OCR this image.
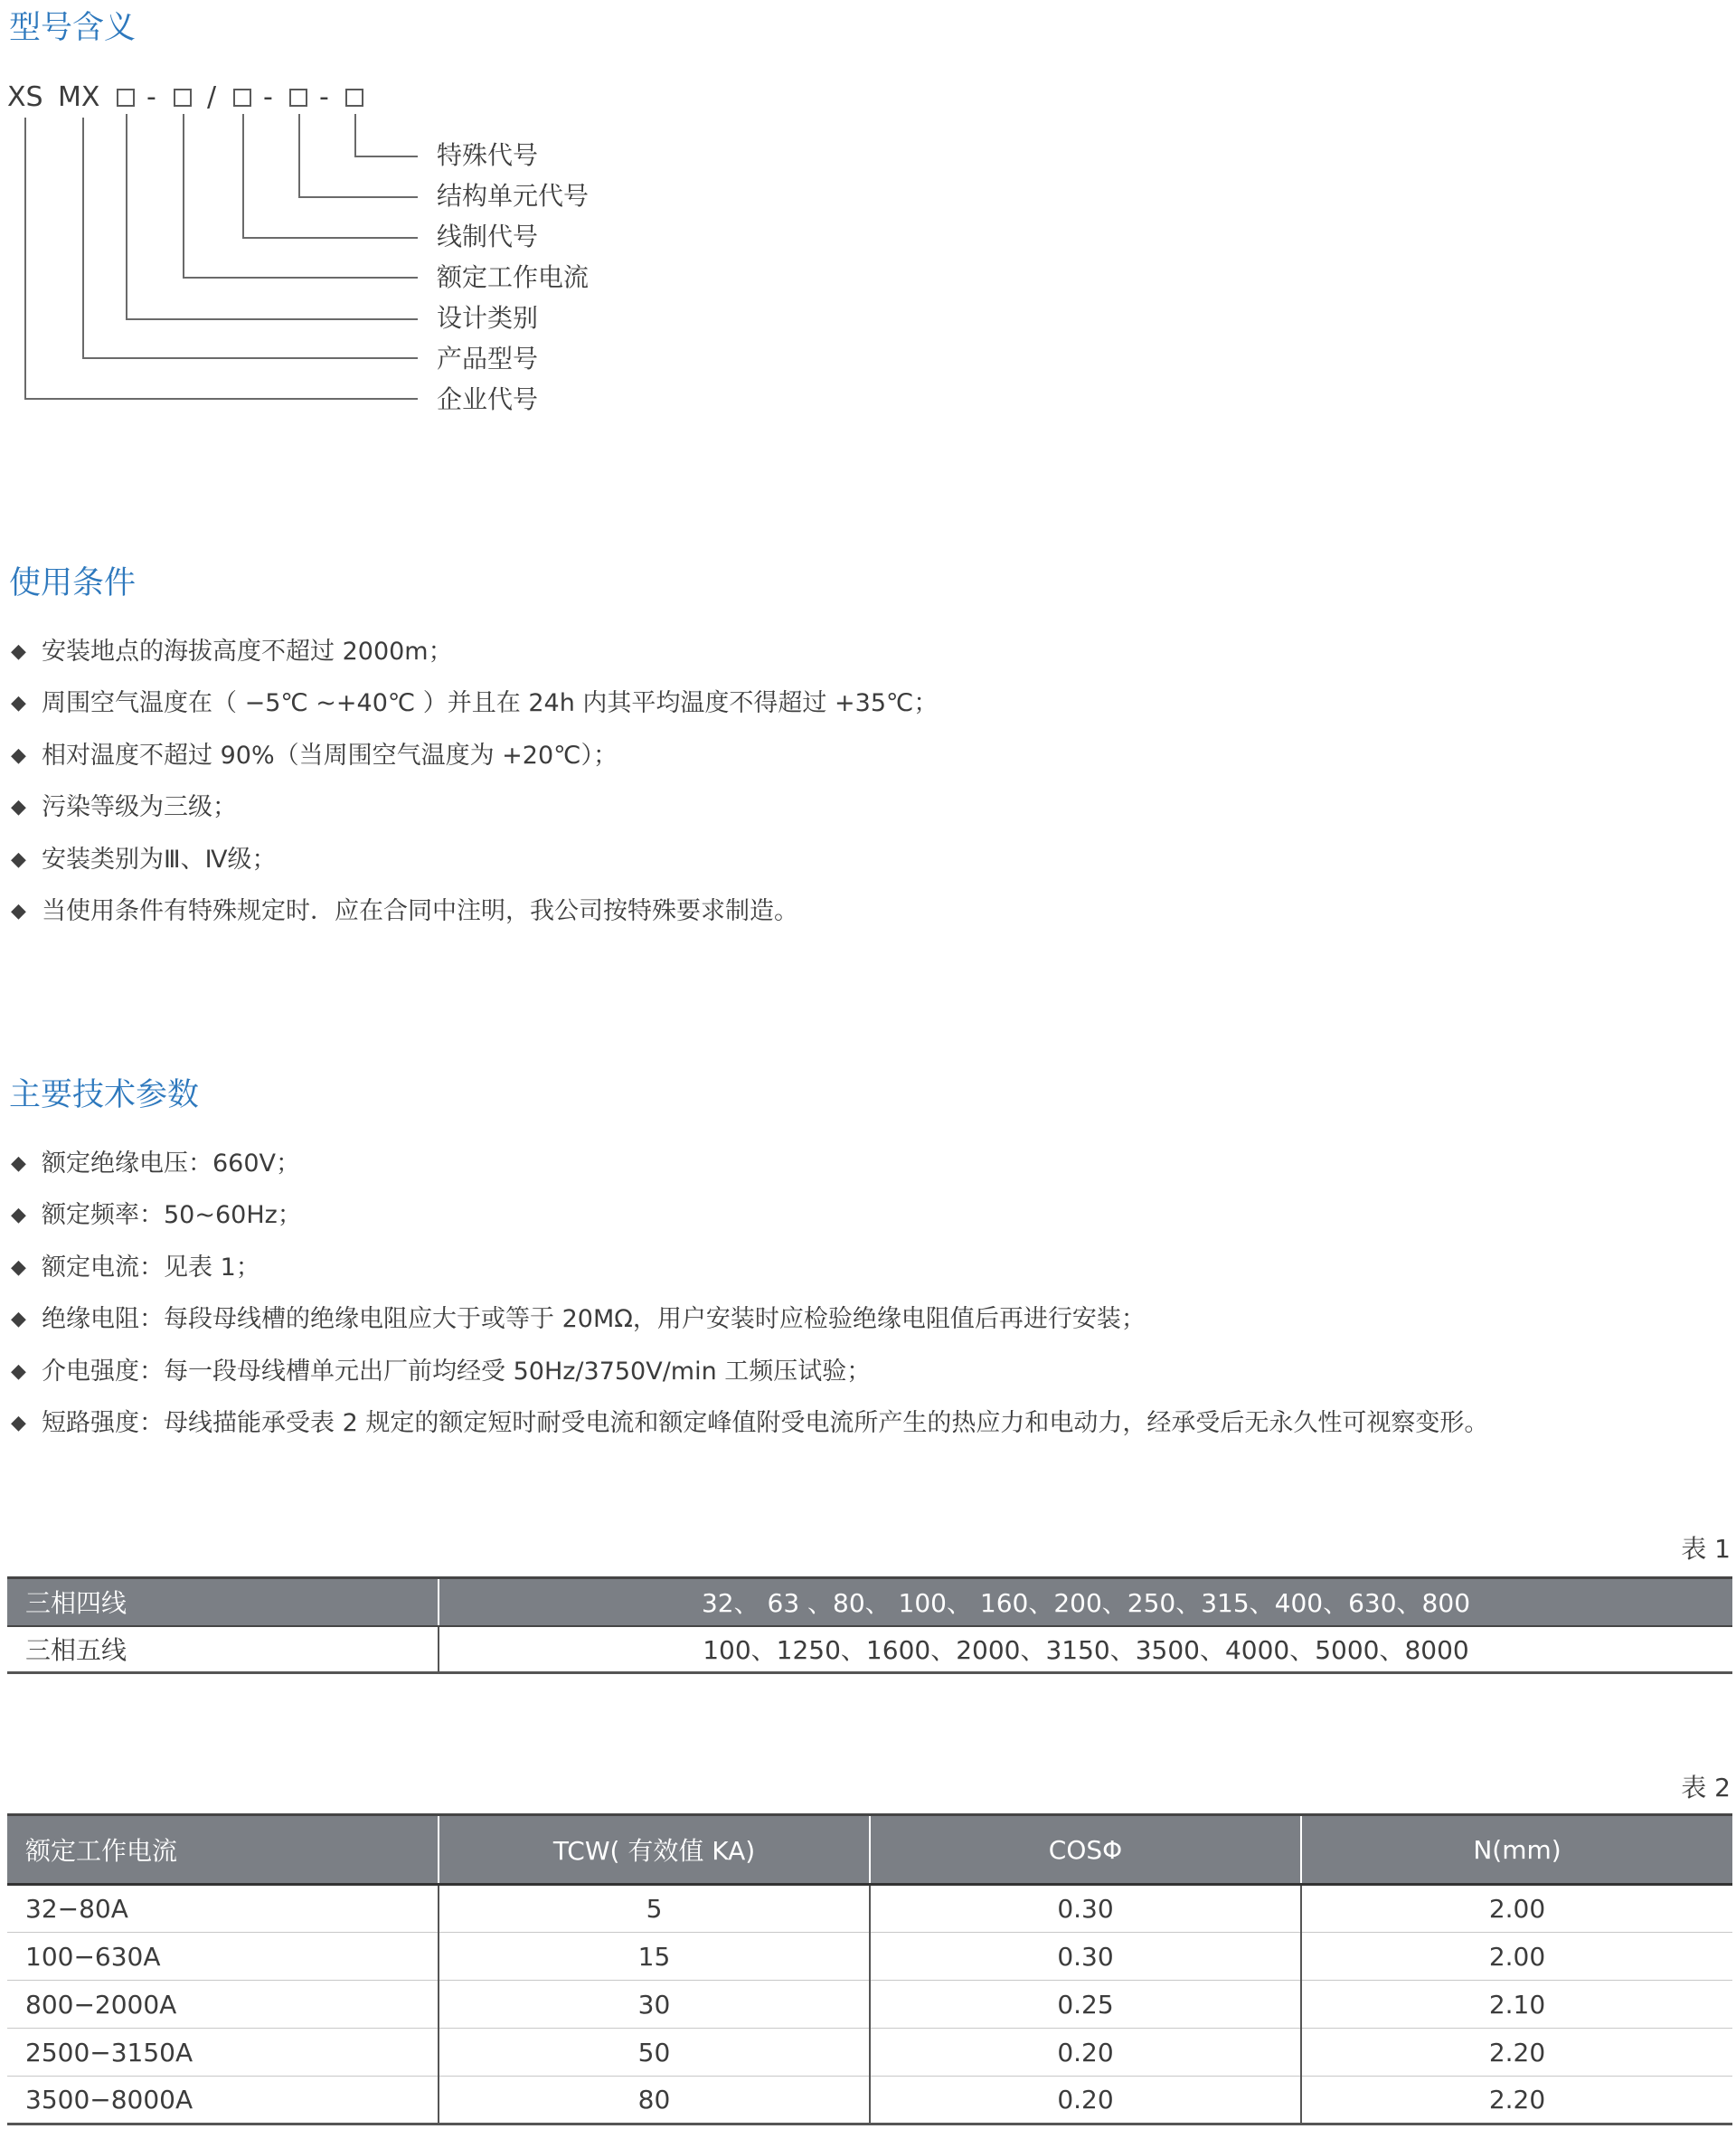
型号含义
XS MX - / - -
特殊代号
结构单元代号
线制代号
额定工作电流
设计类别
产品型号
企业代号
使用条件
◆ 安装地点的海拔高度不超过 2000m；
◆ 周围空气温度在（ −5℃ ~+40℃ ）并且在 24h 内其平均温度不得超过 +35℃；
◆ 相对温度不超过 90%（当周围空气温度为 +20℃）；
◆ 污染等级为三级；
◆ 安装类别为Ⅲ、Ⅳ级；
◆ 当使用条件有特殊规定时．应在合同中注明，我公司按特殊要求制造。
主要技术参数
◆ 额定绝缘电压：660V；
◆ 额定频率：50~60Hz；
◆ 额定电流：见表 1；
◆ 绝缘电阻：每段母线槽的绝缘电阻应大于或等于 20MΩ，用户安装时应检验绝缘电阻值后再进行安装；
◆ 介电强度：每一段母线槽单元出厂前均经受 50Hz/3750V/min 工频压试验；
◆ 短路强度：母线描能承受表 2 规定的额定短时耐受电流和额定峰值附受电流所产生的热应力和电动力，经承受后无永久性可视察变形。
表 1
三相四线	32、 63 、80、 100、 160、200、250、315、400、630、800
三相五线	100、1250、1600、2000、3150、3500、4000、5000、8000
表 2
额定工作电流	TCW( 有效值 KA)	COSΦ	N(mm)
32−80A	5	0.30	2.00
100−630A	15	0.30	2.00
800−2000A	30	0.25	2.10
2500−3150A	50	0.20	2.20
3500−8000A	80	0.20	2.20
